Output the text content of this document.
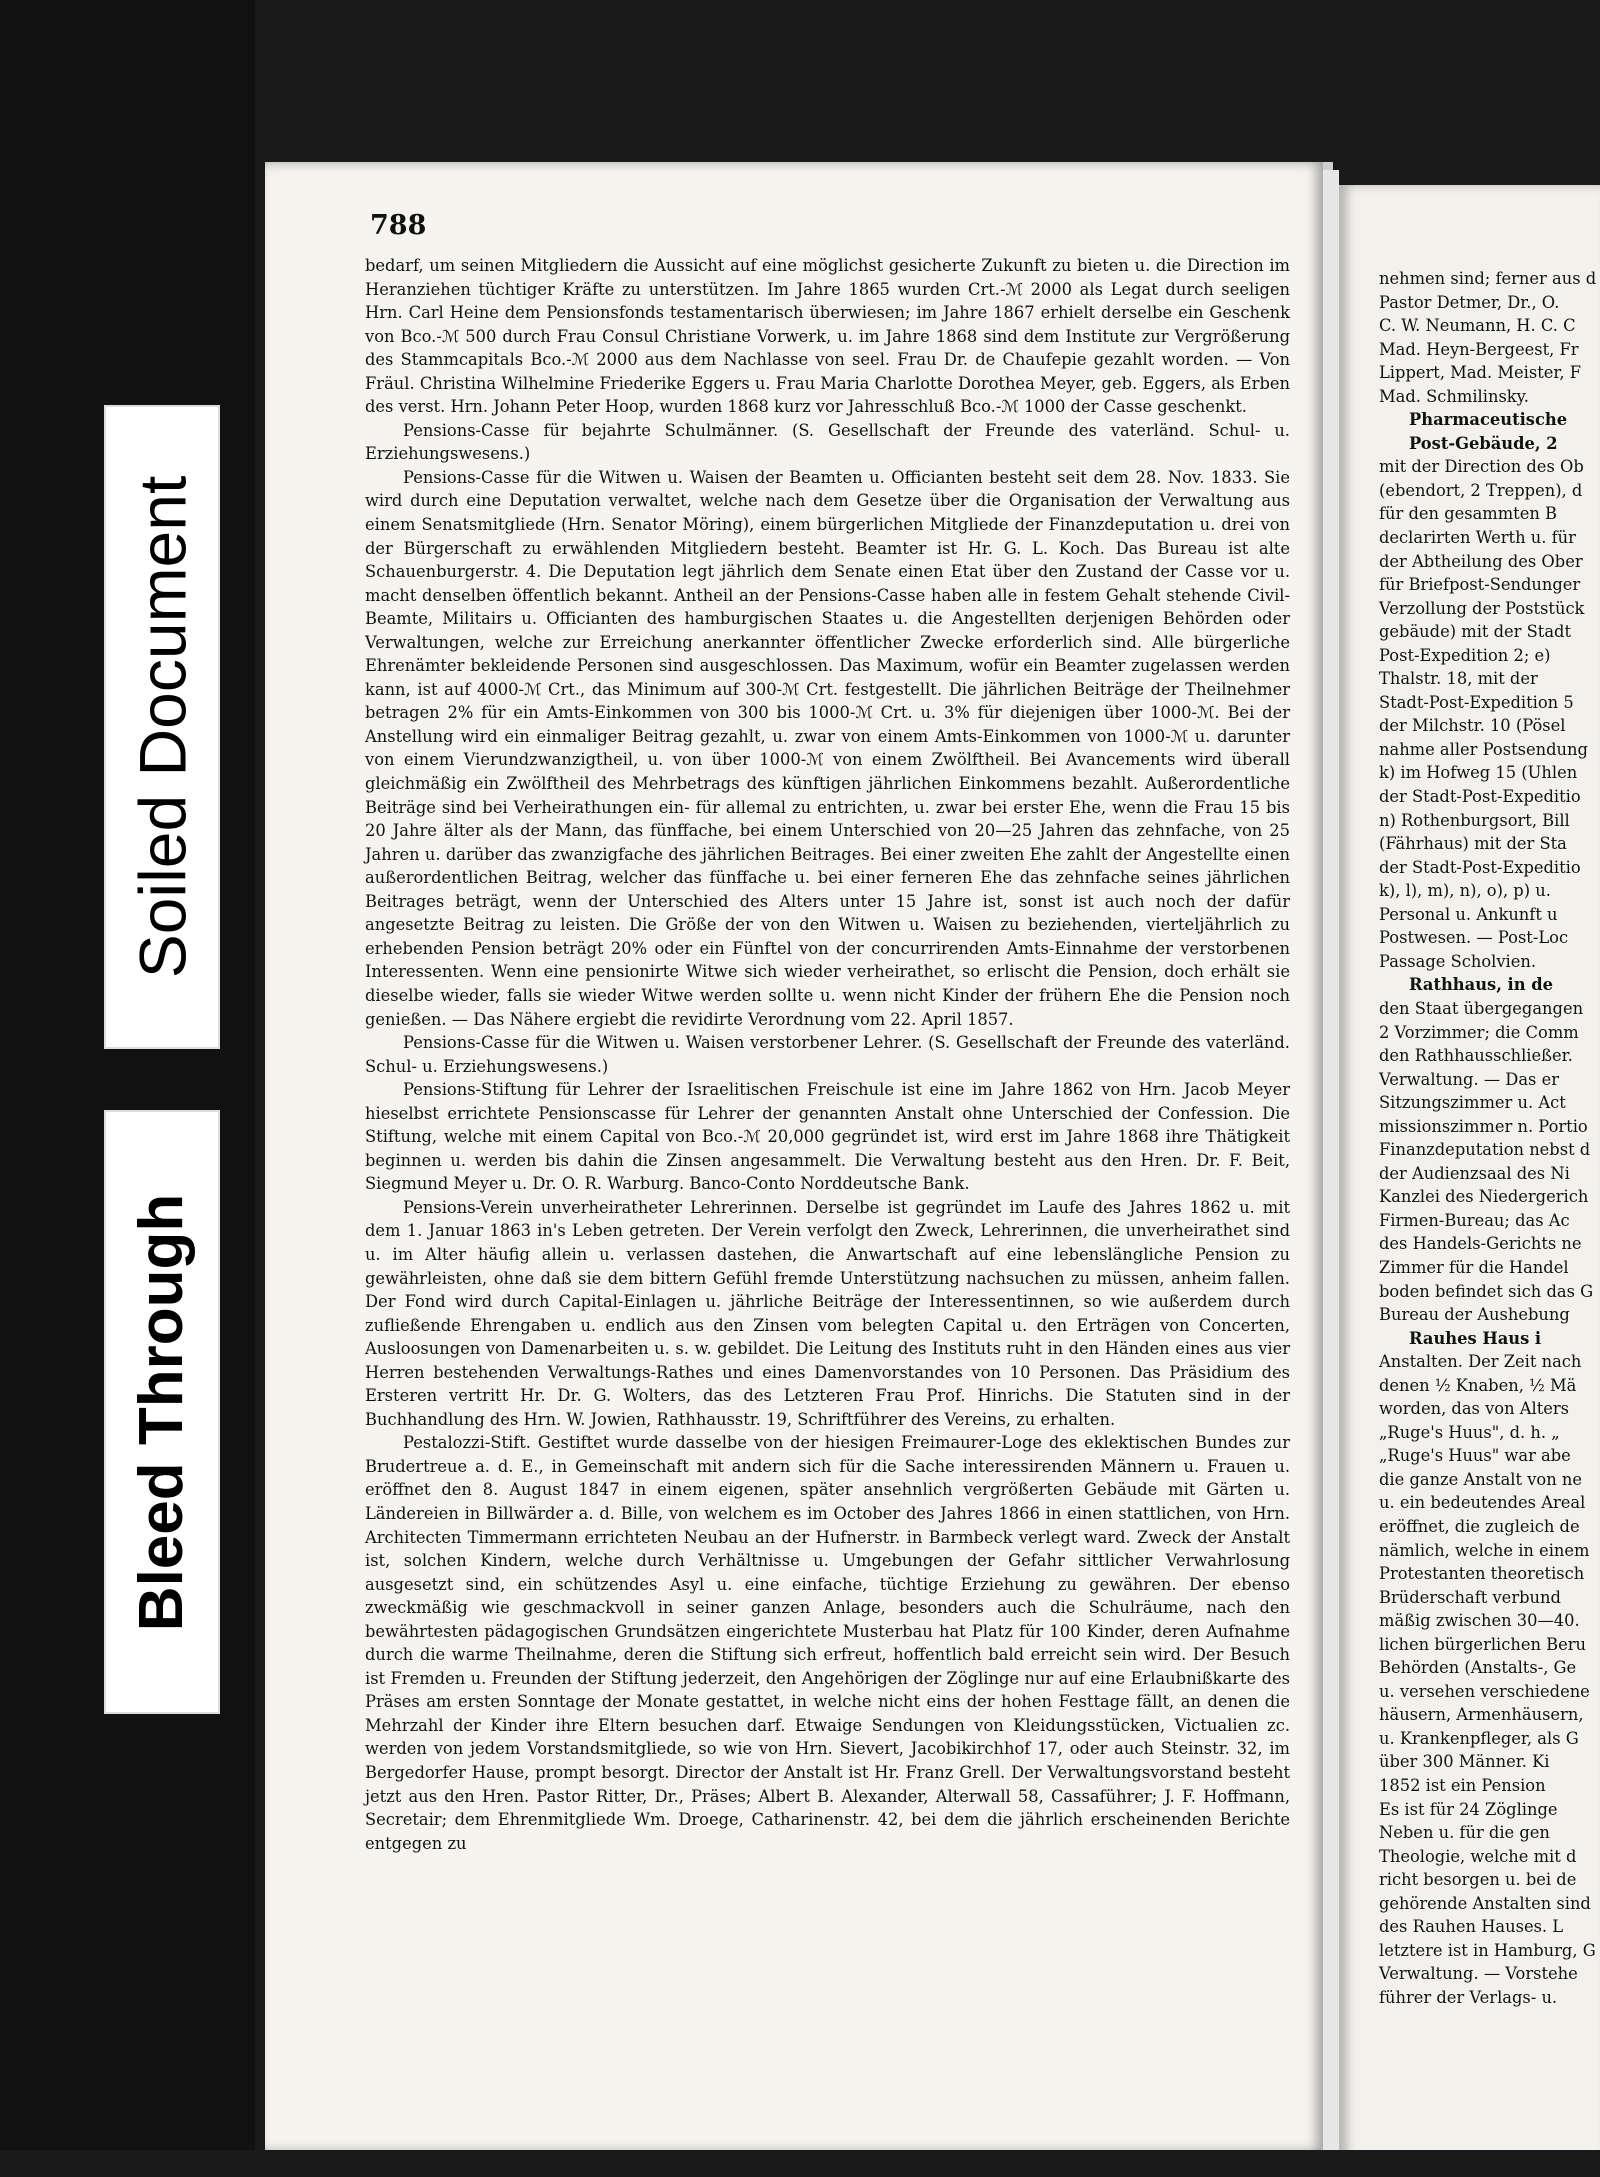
Soiled Document
Bleed Through
788

bedarf, um seinen Mitgliedern die Aussicht auf eine möglichst gesicherte Zukunft zu bieten u. die Direction im Heranziehen tüchtiger Kräfte zu unterstützen. Im Jahre 1865 wurden Crt.-ℳ 2000 als Legat durch seeligen Hrn. Carl Heine dem Pensionsfonds testamentarisch überwiesen; im Jahre 1867 erhielt derselbe ein Geschenk von Bco.-ℳ 500 durch Frau Consul Christiane Vorwerk, u. im Jahre 1868 sind dem Institute zur Vergrößerung des Stammcapitals Bco.-ℳ 2000 aus dem Nachlasse von seel. Frau Dr. de Chaufepie gezahlt worden. — Von Fräul. Christina Wilhelmine Friederike Eggers u. Frau Maria Charlotte Dorothea Meyer, geb. Eggers, als Erben des verst. Hrn. Johann Peter Hoop, wurden 1868 kurz vor Jahresschluß Bco.-ℳ 1000 der Casse geschenkt.

Pensions-Casse für bejahrte Schulmänner. (S. Gesellschaft der Freunde des vaterländ. Schul- u. Erziehungswesens.)

Pensions-Casse für die Witwen u. Waisen der Beamten u. Officianten besteht seit dem 28. Nov. 1833. Sie wird durch eine Deputation verwaltet, welche nach dem Gesetze über die Organisation der Verwaltung aus einem Senatsmitgliede (Hrn. Senator Möring), einem bürgerlichen Mitgliede der Finanzdeputation u. drei von der Bürgerschaft zu erwählenden Mitgliedern besteht. Beamter ist Hr. G. L. Koch. Das Bureau ist alte Schauenburgerstr. 4. Die Deputation legt jährlich dem Senate einen Etat über den Zustand der Casse vor u. macht denselben öffentlich bekannt. Antheil an der Pensions-Casse haben alle in festem Gehalt stehende Civil-Beamte, Militairs u. Officianten des hamburgischen Staates u. die Angestellten derjenigen Behörden oder Verwaltungen, welche zur Erreichung anerkannter öffentlicher Zwecke erforderlich sind. Alle bürgerliche Ehrenämter bekleidende Personen sind ausgeschlossen. Das Maximum, wofür ein Beamter zugelassen werden kann, ist auf 4000-ℳ Crt., das Minimum auf 300-ℳ Crt. festgestellt. Die jährlichen Beiträge der Theilnehmer betragen 2% für ein Amts-Einkommen von 300 bis 1000-ℳ Crt. u. 3% für diejenigen über 1000-ℳ. Bei der Anstellung wird ein einmaliger Beitrag gezahlt, u. zwar von einem Amts-Einkommen von 1000-ℳ u. darunter von einem Vierundzwanzigtheil, u. von über 1000-ℳ von einem Zwölftheil. Bei Avancements wird überall gleichmäßig ein Zwölftheil des Mehrbetrags des künftigen jährlichen Einkommens bezahlt. Außerordentliche Beiträge sind bei Verheirathungen ein- für allemal zu entrichten, u. zwar bei erster Ehe, wenn die Frau 15 bis 20 Jahre älter als der Mann, das fünffache, bei einem Unterschied von 20—25 Jahren das zehnfache, von 25 Jahren u. darüber das zwanzigfache des jährlichen Beitrages. Bei einer zweiten Ehe zahlt der Angestellte einen außerordentlichen Beitrag, welcher das fünffache u. bei einer ferneren Ehe das zehnfache seines jährlichen Beitrages beträgt, wenn der Unterschied des Alters unter 15 Jahre ist, sonst ist auch noch der dafür angesetzte Beitrag zu leisten. Die Größe der von den Witwen u. Waisen zu beziehenden, vierteljährlich zu erhebenden Pension beträgt 20% oder ein Fünftel von der concurrirenden Amts-Einnahme der verstorbenen Interessenten. Wenn eine pensionirte Witwe sich wieder verheirathet, so erlischt die Pension, doch erhält sie dieselbe wieder, falls sie wieder Witwe werden sollte u. wenn nicht Kinder der frühern Ehe die Pension noch genießen. — Das Nähere ergiebt die revidirte Verordnung vom 22. April 1857.

Pensions-Casse für die Witwen u. Waisen verstorbener Lehrer. (S. Gesellschaft der Freunde des vaterländ. Schul- u. Erziehungswesens.)

Pensions-Stiftung für Lehrer der Israelitischen Freischule ist eine im Jahre 1862 von Hrn. Jacob Meyer hieselbst errichtete Pensionscasse für Lehrer der genannten Anstalt ohne Unterschied der Confession. Die Stiftung, welche mit einem Capital von Bco.-ℳ 20,000 gegründet ist, wird erst im Jahre 1868 ihre Thätigkeit beginnen u. werden bis dahin die Zinsen angesammelt. Die Verwaltung besteht aus den Hren. Dr. F. Beit, Siegmund Meyer u. Dr. O. R. Warburg. Banco-Conto Norddeutsche Bank.

Pensions-Verein unverheiratheter Lehrerinnen. Derselbe ist gegründet im Laufe des Jahres 1862 u. mit dem 1. Januar 1863 in's Leben getreten. Der Verein verfolgt den Zweck, Lehrerinnen, die unverheirathet sind u. im Alter häufig allein u. verlassen dastehen, die Anwartschaft auf eine lebenslängliche Pension zu gewährleisten, ohne daß sie dem bittern Gefühl fremde Unterstützung nachsuchen zu müssen, anheim fallen. Der Fond wird durch Capital-Einlagen u. jährliche Beiträge der Interessentinnen, so wie außerdem durch zufließende Ehrengaben u. endlich aus den Zinsen vom belegten Capital u. den Erträgen von Concerten, Ausloosungen von Damenarbeiten u. s. w. gebildet. Die Leitung des Instituts ruht in den Händen eines aus vier Herren bestehenden Verwaltungs-Rathes und eines Damenvorstandes von 10 Personen. Das Präsidium des Ersteren vertritt Hr. Dr. G. Wolters, das des Letzteren Frau Prof. Hinrichs. Die Statuten sind in der Buchhandlung des Hrn. W. Jowien, Rathhausstr. 19, Schriftführer des Vereins, zu erhalten.

Pestalozzi-Stift. Gestiftet wurde dasselbe von der hiesigen Freimaurer-Loge des eklektischen Bundes zur Brudertreue a. d. E., in Gemeinschaft mit andern sich für die Sache interessirenden Männern u. Frauen u. eröffnet den 8. August 1847 in einem eigenen, später ansehnlich vergrößerten Gebäude mit Gärten u. Ländereien in Billwärder a. d. Bille, von welchem es im October des Jahres 1866 in einen stattlichen, von Hrn. Architecten Timmermann errichteten Neubau an der Hufnerstr. in Barmbeck verlegt ward. Zweck der Anstalt ist, solchen Kindern, welche durch Verhältnisse u. Umgebungen der Gefahr sittlicher Verwahrlosung ausgesetzt sind, ein schützendes Asyl u. eine einfache, tüchtige Erziehung zu gewähren. Der ebenso zweckmäßig wie geschmackvoll in seiner ganzen Anlage, besonders auch die Schulräume, nach den bewährtesten pädagogischen Grundsätzen eingerichtete Musterbau hat Platz für 100 Kinder, deren Aufnahme durch die warme Theilnahme, deren die Stiftung sich erfreut, hoffentlich bald erreicht sein wird. Der Besuch ist Fremden u. Freunden der Stiftung jederzeit, den Angehörigen der Zöglinge nur auf eine Erlaubnißkarte des Präses am ersten Sonntage der Monate gestattet, in welche nicht eins der hohen Festtage fällt, an denen die Mehrzahl der Kinder ihre Eltern besuchen darf. Etwaige Sendungen von Kleidungsstücken, Victualien zc. werden von jedem Vorstandsmitgliede, so wie von Hrn. Sievert, Jacobikirchhof 17, oder auch Steinstr. 32, im Bergedorfer Hause, prompt besorgt. Director der Anstalt ist Hr. Franz Grell. Der Verwaltungsvorstand besteht jetzt aus den Hren. Pastor Ritter, Dr., Präses; Albert B. Alexander, Alterwall 58, Cassaführer; J. F. Hoffmann, Secretair; dem Ehrenmitgliede Wm. Droege, Catharinenstr. 42, bei dem die jährlich erscheinenden Berichte entgegen zu

nehmen sind; ferner aus d
Pastor Detmer, Dr., O.
C. W. Neumann, H. C. C
Mad. Heyn-Bergeest, Fr
Lippert, Mad. Meister, F
Mad. Schmilinsky.
Pharmaceutische
Post-Gebäude, 2
mit der Direction des Ob
(ebendort, 2 Treppen), d
für den gesammten B
declarirten Werth u. für
der Abtheilung des Ober
für Briefpost-Sendunger
Verzollung der Poststück
gebäude) mit der Stadt
Post-Expedition 2; e)
Thalstr. 18, mit der
Stadt-Post-Expedition 5
der Milchstr. 10 (Pösel
nahme aller Postsendung
k) im Hofweg 15 (Uhlen
der Stadt-Post-Expeditio
n) Rothenburgsort, Bill
(Fährhaus) mit der Sta
der Stadt-Post-Expeditio
k), l), m), n), o), p) u.
Personal u. Ankunft u
Postwesen. — Post-Loc
Passage Scholvien.
Rathhaus, in de
den Staat übergegangen
2 Vorzimmer; die Comm
den Rathhausschließer.
Verwaltung. — Das er
Sitzungszimmer u. Act
missionszimmer n. Portio
Finanzdeputation nebst d
der Audienzsaal des Ni
Kanzlei des Niedergerich
Firmen-Bureau; das Ac
des Handels-Gerichts ne
Zimmer für die Handel
boden befindet sich das G
Bureau der Aushebung
Rauhes Haus i
Anstalten. Der Zeit nach
denen ½ Knaben, ½ Mä
worden, das von Alters
„Ruge's Huus", d. h. „
„Ruge's Huus" war abe
die ganze Anstalt von ne
u. ein bedeutendes Areal
eröffnet, die zugleich de
nämlich, welche in einem
Protestanten theoretisch
Brüderschaft verbund
mäßig zwischen 30—40.
lichen bürgerlichen Beru
Behörden (Anstalts-, Ge
u. versehen verschiedene
häusern, Armenhäusern,
u. Krankenpfleger, als G
über 300 Männer. Ki
1852 ist ein Pension
Es ist für 24 Zöglinge
Neben u. für die gen
Theologie, welche mit d
richt besorgen u. bei de
gehörende Anstalten sind
des Rauhen Hauses. L
letztere ist in Hamburg, G
Verwaltung. — Vorstehe
führer der Verlags- u.
